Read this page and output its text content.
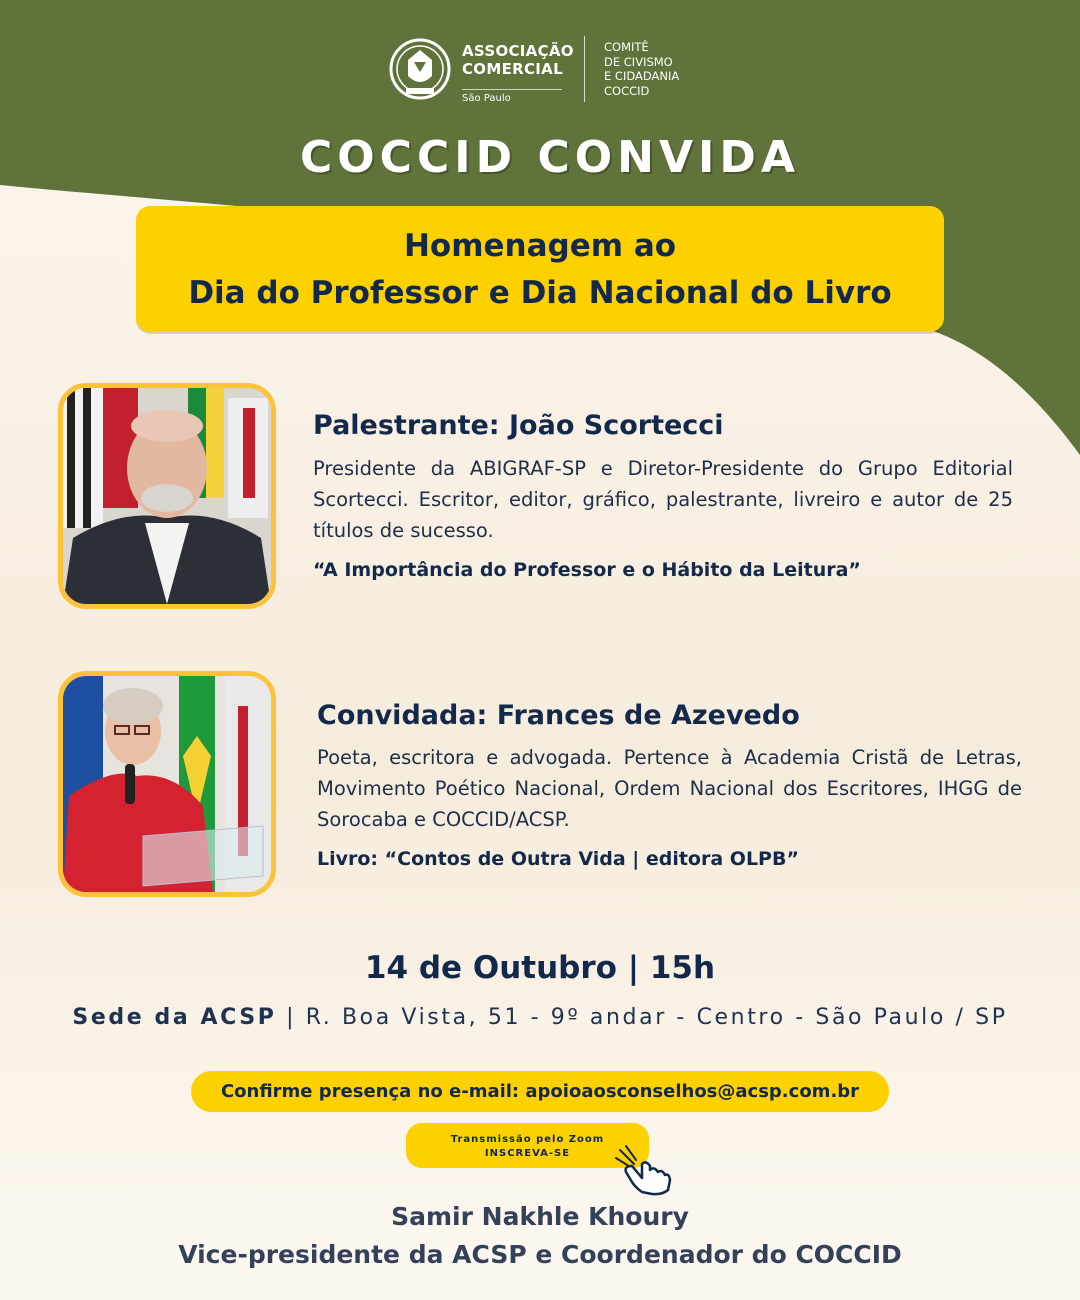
ASSOCIAÇÃO
COMERCIAL
São Paulo
COMITÊ
DE CIVISMO
E CIDADANIA
COCCID
COCCID CONVIDA
Homenagem ao
Dia do Professor e Dia Nacional do Livro
Palestrante: João Scortecci
Presidente da ABIGRAF-SP e Diretor-Presidente do Grupo Editorial Scortecci. Escritor, editor, gráfico, palestrante, livreiro e autor de 25 títulos de sucesso.
“A Importância do Professor e o Hábito da Leitura”
Convidada: Frances de Azevedo
Poeta, escritora e advogada. Pertence à Academia Cristã de Letras, Movimento Poético Nacional, Ordem Nacional dos Escritores, IHGG de Sorocaba e COCCID/ACSP.
Livro: “Contos de Outra Vida | editora OLPB”
14 de Outubro | 15h
Sede da ACSP | R. Boa Vista, 51 - 9º andar - Centro - São Paulo / SP
Confirme presença no e-mail: apoioaosconselhos@acsp.com.br
Transmissão pelo Zoom
INSCREVA-SE
Samir Nakhle Khoury
Vice-presidente da ACSP e Coordenador do COCCID
